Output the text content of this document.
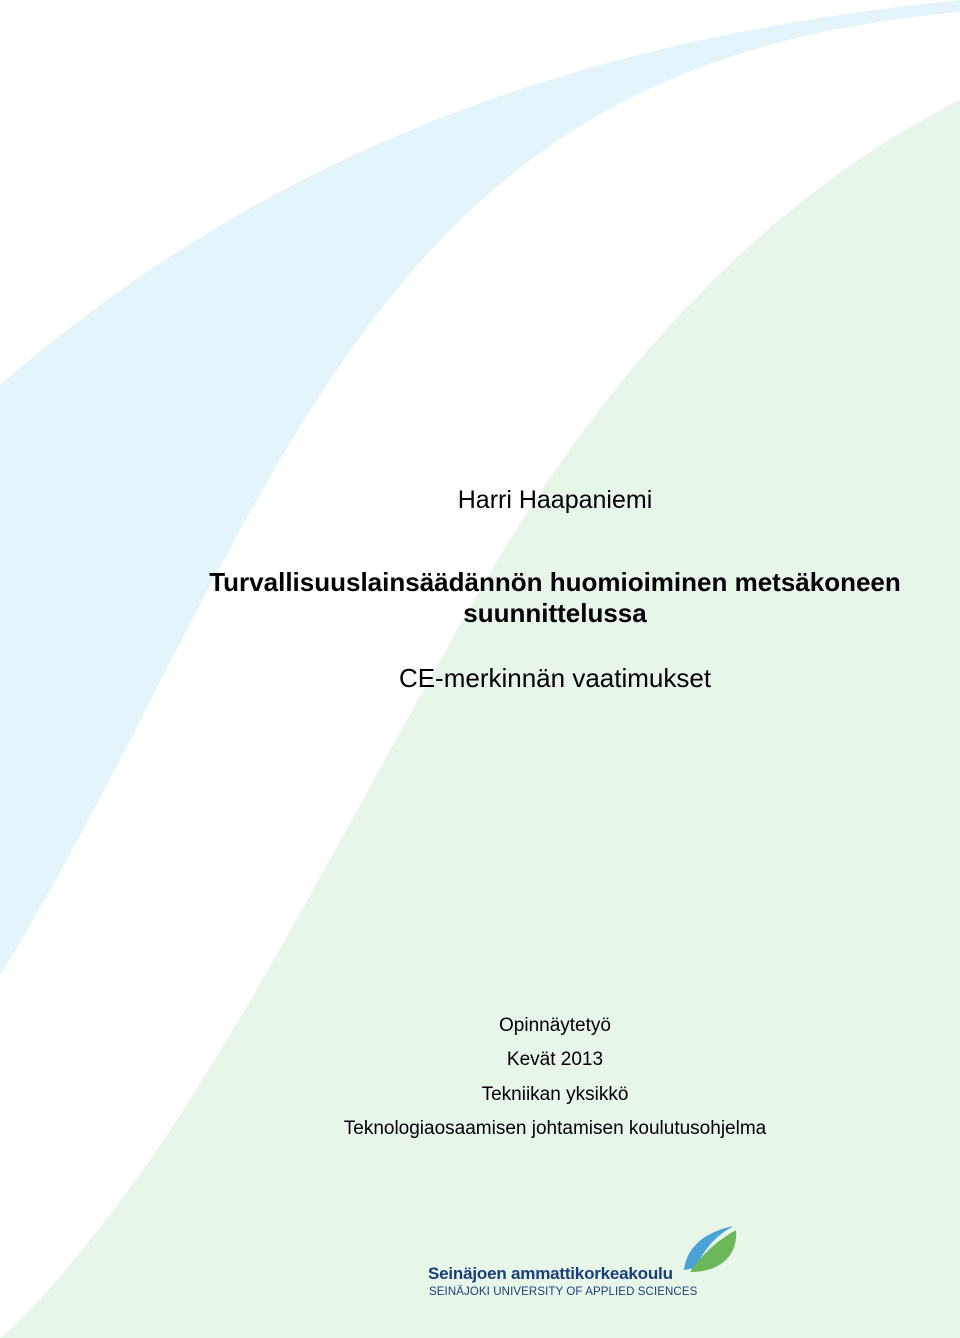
Harri Haapaniemi
Turvallisuuslainsäädännön huomioiminen metsäkoneen suunnittelussa
CE-merkinnän vaatimukset
Opinnäytetyö
Kevät 2013
Tekniikan yksikkö
Teknologiaosaamisen johtamisen koulutusohjelma
Seinäjoen ammattikorkeakoulu
SEINÄJOKI UNIVERSITY OF APPLIED SCIENCES
